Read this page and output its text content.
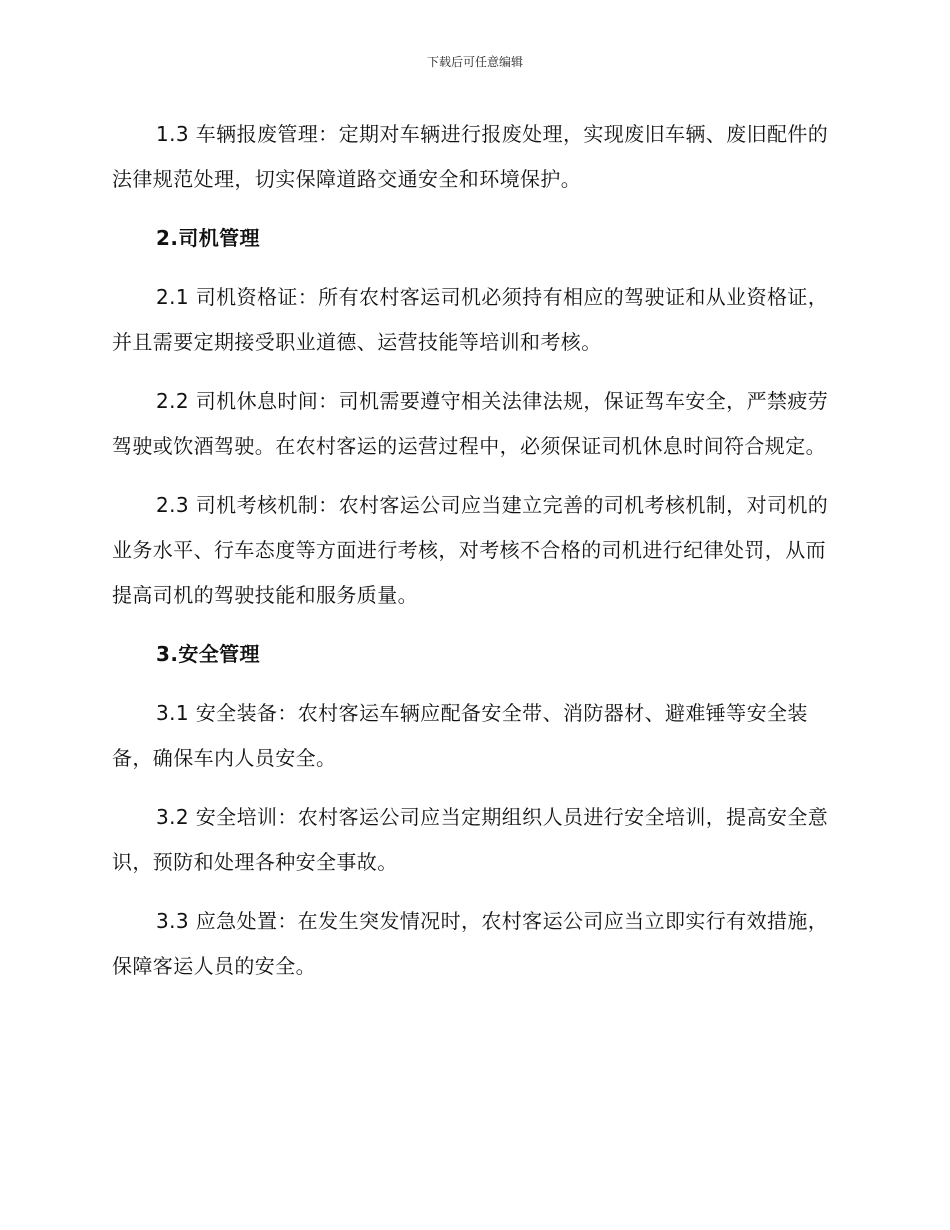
下载后可任意编辑

1.3 车辆报废管理：定期对车辆进行报废处理，实现废旧车辆、废旧配件的法律规范处理，切实保障道路交通安全和环境保护。

2.司机管理

2.1 司机资格证：所有农村客运司机必须持有相应的驾驶证和从业资格证，并且需要定期接受职业道德、运营技能等培训和考核。

2.2 司机休息时间：司机需要遵守相关法律法规，保证驾车安全，严禁疲劳驾驶或饮酒驾驶。在农村客运的运营过程中，必须保证司机休息时间符合规定。

2.3 司机考核机制：农村客运公司应当建立完善的司机考核机制，对司机的业务水平、行车态度等方面进行考核，对考核不合格的司机进行纪律处罚，从而提高司机的驾驶技能和服务质量。

3.安全管理

3.1 安全装备：农村客运车辆应配备安全带、消防器材、避难锤等安全装备，确保车内人员安全。

3.2 安全培训：农村客运公司应当定期组织人员进行安全培训，提高安全意识，预防和处理各种安全事故。

3.3 应急处置：在发生突发情况时，农村客运公司应当立即实行有效措施，保障客运人员的安全。
